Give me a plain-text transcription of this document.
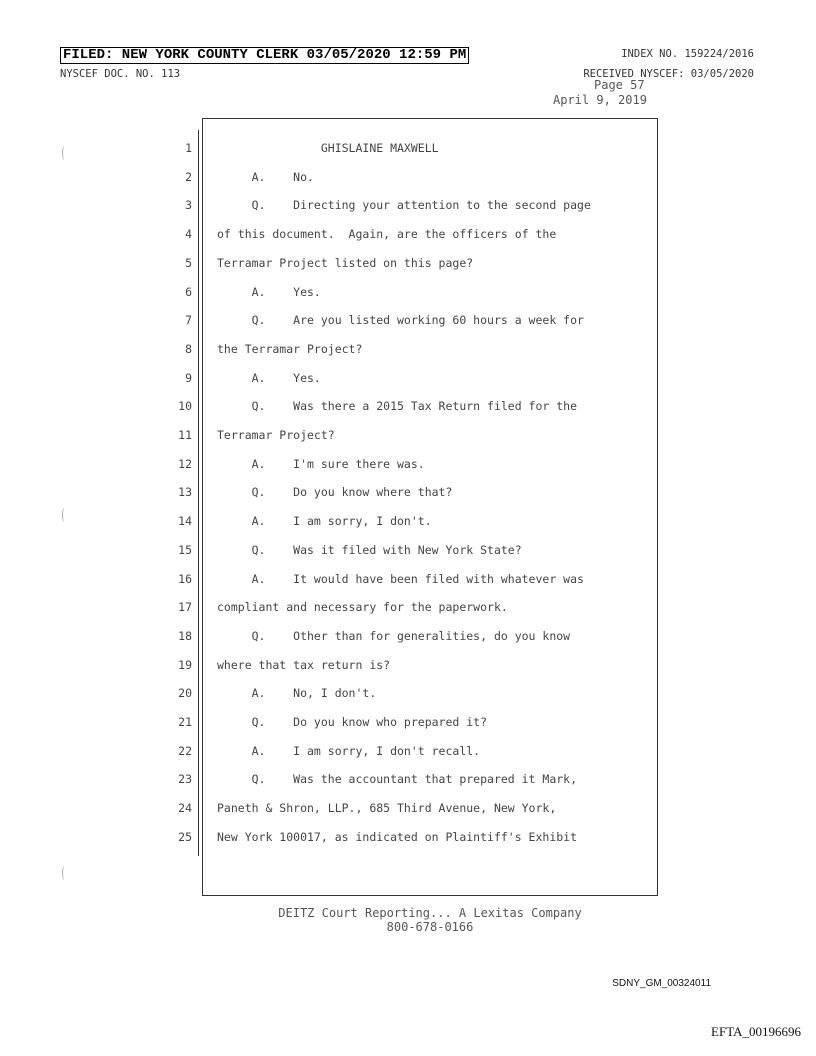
FILED: NEW YORK COUNTY CLERK 03/05/2020 12:59 PM
NYSCEF DOC. NO. 113
INDEX NO. 159224/2016
RECEIVED NYSCEF: 03/05/2020
Page 57
April 9, 2019
1 GHISLAINE MAXWELL
2 A.    No.
3 Q.    Directing your attention to the second page
4 of this document.  Again, are the officers of the
5 Terramar Project listed on this page?
6 A.    Yes.
7 Q.    Are you listed working 60 hours a week for
8 the Terramar Project?
9 A.    Yes.
10 Q.    Was there a 2015 Tax Return filed for the
11 Terramar Project?
12 A.    I'm sure there was.
13 Q.    Do you know where that?
14 A.    I am sorry, I don't.
15 Q.    Was it filed with New York State?
16 A.    It would have been filed with whatever was
17 compliant and necessary for the paperwork.
18 Q.    Other than for generalities, do you know
19 where that tax return is?
20 A.    No, I don't.
21 Q.    Do you know who prepared it?
22 A.    I am sorry, I don't recall.
23 Q.    Was the accountant that prepared it Mark,
24 Paneth & Shron, LLP., 685 Third Avenue, New York,
25 New York 100017, as indicated on Plaintiff's Exhibit
DEITZ Court Reporting... A Lexitas Company
800-678-0166
SDNY_GM_00324011
EFTA_00196696
